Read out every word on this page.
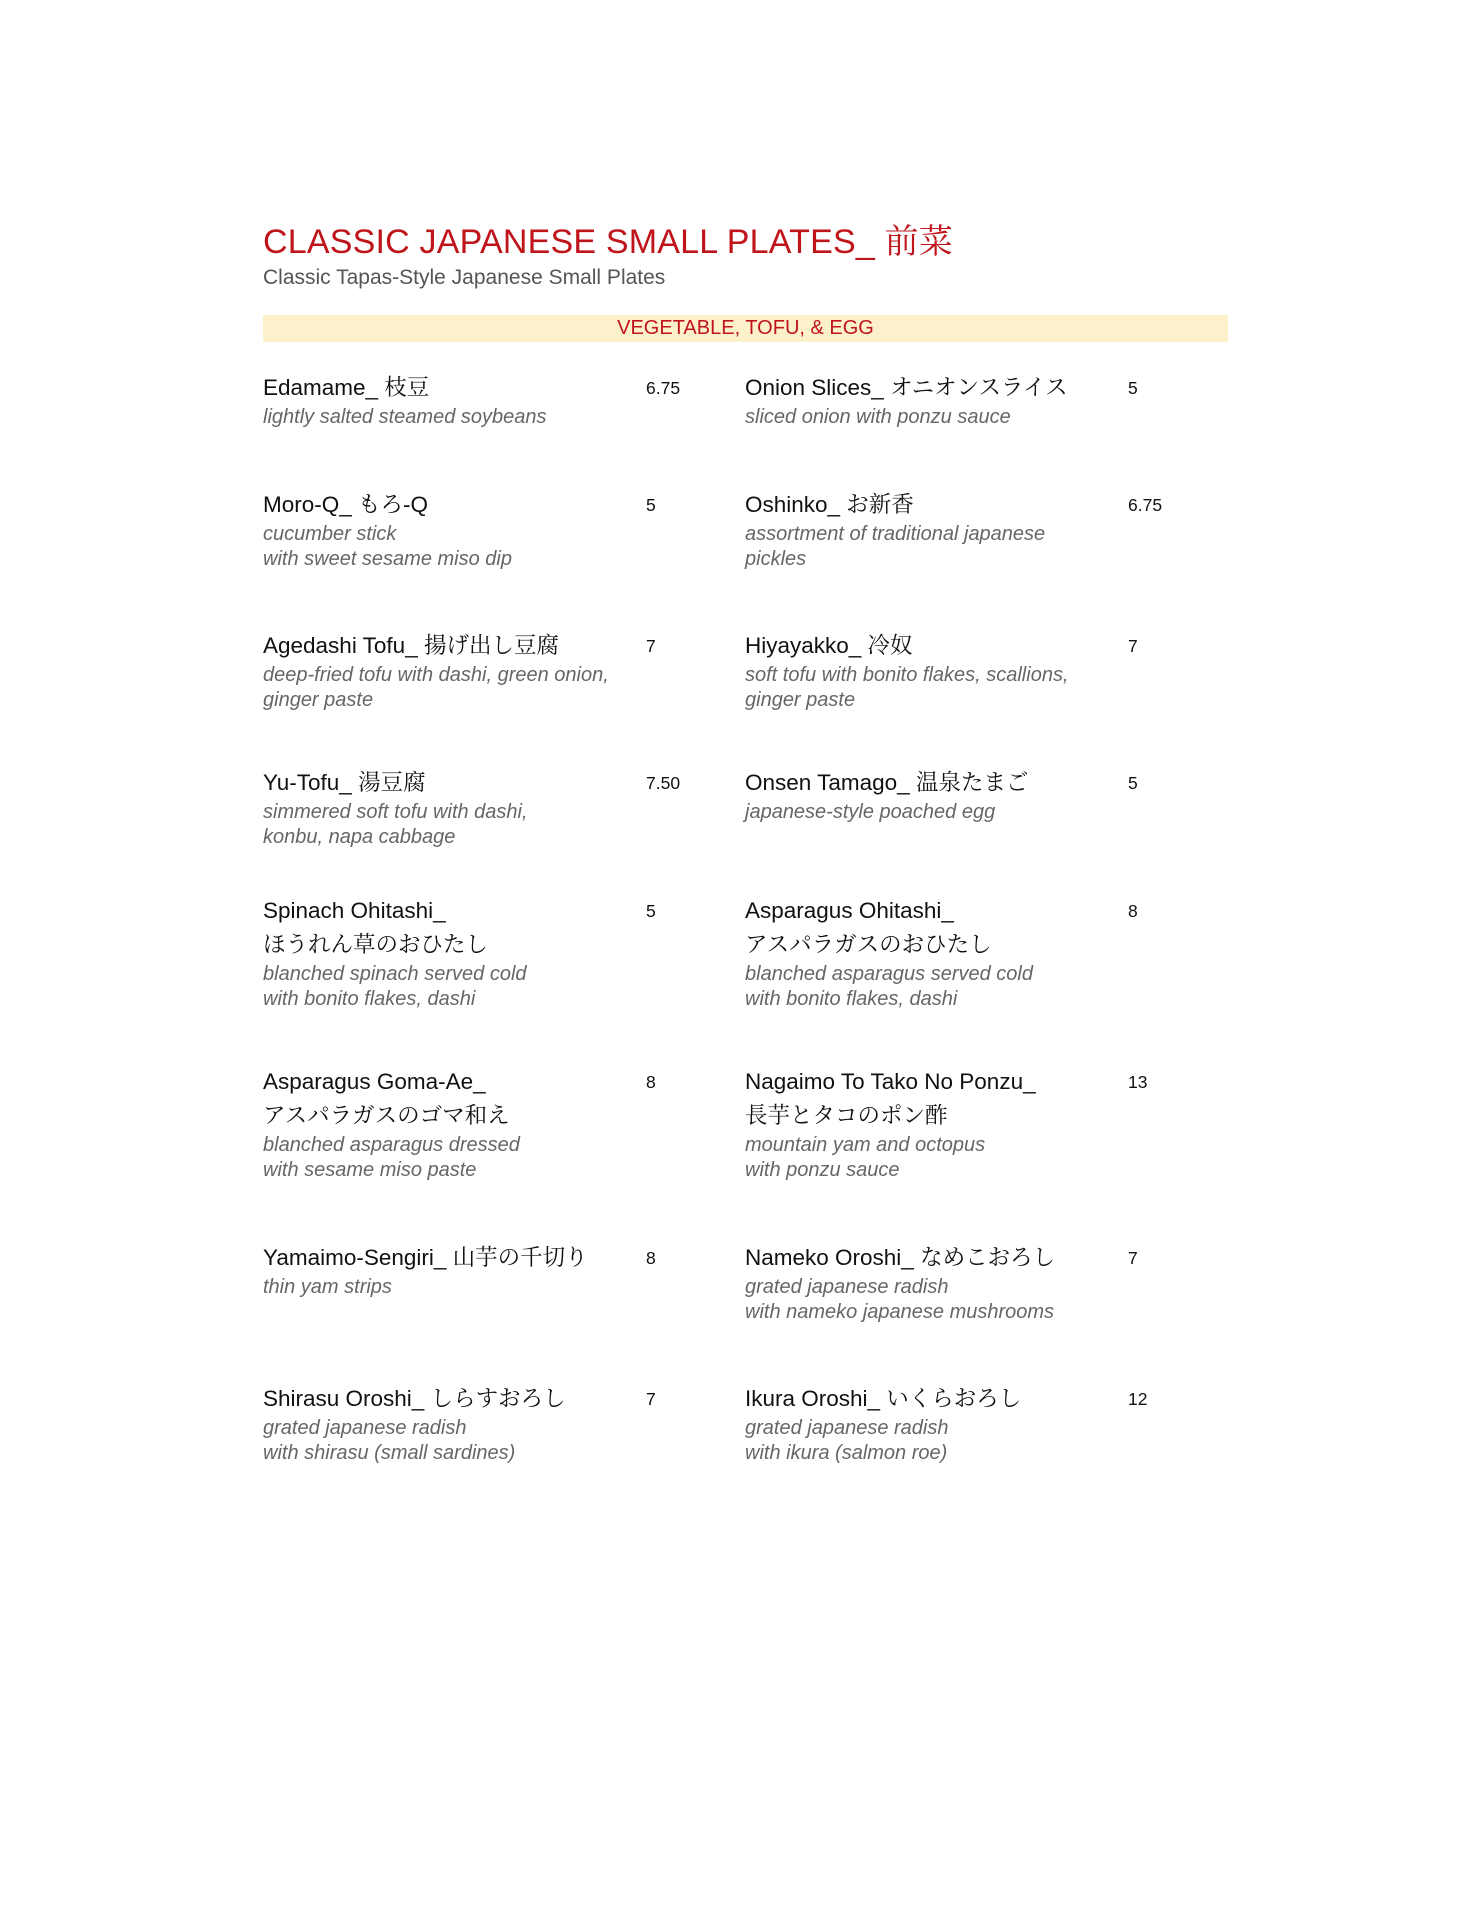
CLASSIC JAPANESE SMALL PLATES_ 前菜
Classic Tapas-Style Japanese Small Plates
VEGETABLE, TOFU, & EGG
Edamame_ 枝豆	6.75
lightly salted steamed soybeans
Onion Slices_ オニオンスライス	5
sliced onion with ponzu sauce
Moro-Q_ もろ-Q	5
cucumber stick
with sweet sesame miso dip
Oshinko_ お新香	6.75
assortment of traditional japanese
pickles
Agedashi Tofu_ 揚げ出し豆腐	7
deep-fried tofu with dashi, green onion,
ginger paste
Hiyayakko_ 冷奴	7
soft tofu with bonito flakes, scallions,
ginger paste
Yu-Tofu_ 湯豆腐	7.50
simmered soft tofu with dashi,
konbu, napa cabbage
Onsen Tamago_ 温泉たまご	5
japanese-style poached egg
Spinach Ohitashi_
ほうれん草のおひたし
5
blanched spinach served cold
with bonito flakes, dashi
Asparagus Ohitashi_
アスパラガスのおひたし
8
blanched asparagus served cold
with bonito flakes, dashi
Asparagus Goma-Ae_
アスパラガスのゴマ和え
8
blanched asparagus dressed
with sesame miso paste
Nagaimo To Tako No Ponzu_
長芋とタコのポン酢
13
mountain yam and octopus
with ponzu sauce
Yamaimo-Sengiri_ 山芋の千切り	8
thin yam strips
Nameko Oroshi_ なめこおろし	7
grated japanese radish
with nameko japanese mushrooms
Shirasu Oroshi_ しらすおろし	7
grated japanese radish
with shirasu (small sardines)
Ikura Oroshi_ いくらおろし	12
grated japanese radish
with ikura (salmon roe)
